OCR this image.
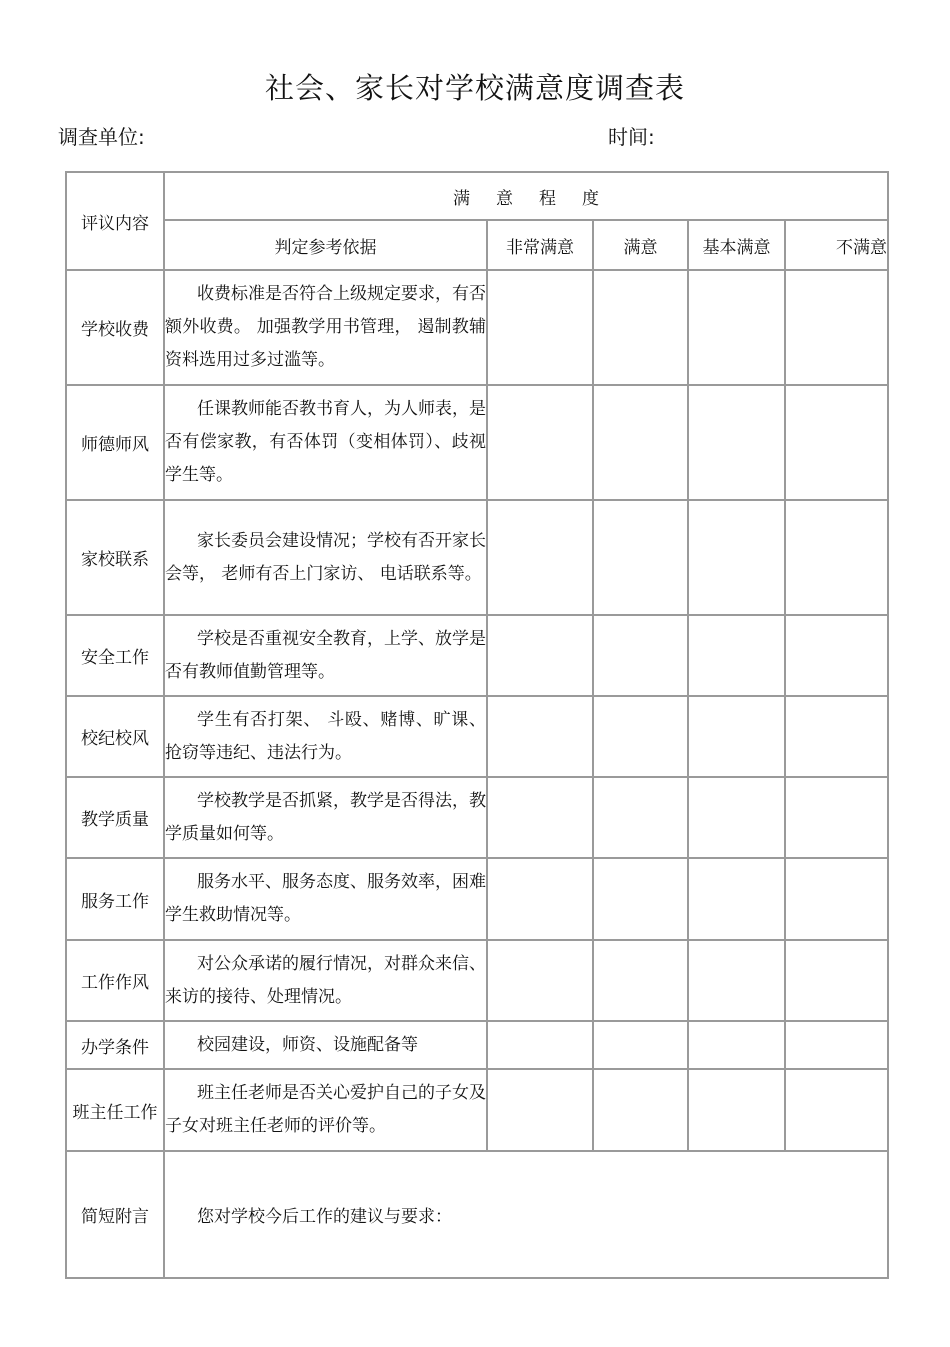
社会、家长对学校满意度调查表
调查单位:	时间:
评议内容	满意程度				
	判定参考依据	非常满意	满意	基本满意	不满意
学校收费	收费标准是否符合上级规定要求，有否额外收费。 加强教学用书管理， 遏制教辅资料选用过多过滥等。				

师德师风	任课教师能否教书育人，为人师表，是否有偿家教，有否体罚（变相体罚）、歧视学生等。				

家校联系	家长委员会建设情况；学校有否开家长会等， 老师有否上门家访、 电话联系等。				

安全工作	学校是否重视安全教育，上学、放学是否有教师值勤管理等。				

校纪校风	学生有否打架、 斗殴、赌博、旷课、抢窃等违纪、违法行为。				

教学质量	学校教学是否抓紧，教学是否得法，教学质量如何等。				

服务工作	服务水平、服务态度、服务效率，困难学生救助情况等。				

工作作风	对公众承诺的履行情况，对群众来信、来访的接待、处理情况。				

办学条件	校园建设，师资、设施配备等				

班主任工作	班主任老师是否关心爱护自己的子女及子女对班主任老师的评价等。				

简短附言	您对学校今后工作的建议与要求：				
